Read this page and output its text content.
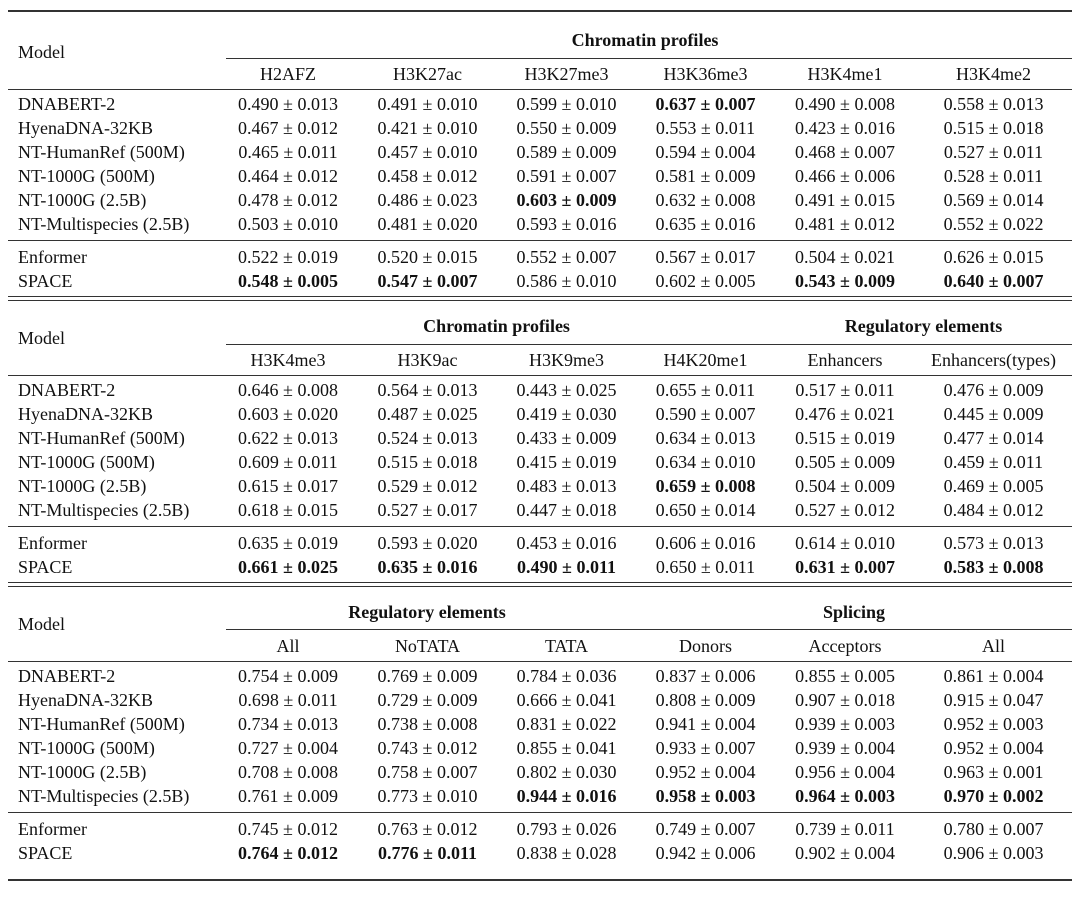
Model	Chromatin profiles					
	H2AFZ	H3K27ac	H3K27me3	H3K36me3	H3K4me1	H3K4me2

DNABERT-2	0.490 ± 0.013	0.491 ± 0.010	0.599 ± 0.010	0.637 ± 0.007	0.490 ± 0.008	0.558 ± 0.013
HyenaDNA-32KB	0.467 ± 0.012	0.421 ± 0.010	0.550 ± 0.009	0.553 ± 0.011	0.423 ± 0.016	0.515 ± 0.018
NT-HumanRef (500M)	0.465 ± 0.011	0.457 ± 0.010	0.589 ± 0.009	0.594 ± 0.004	0.468 ± 0.007	0.527 ± 0.011
NT-1000G (500M)	0.464 ± 0.012	0.458 ± 0.012	0.591 ± 0.007	0.581 ± 0.009	0.466 ± 0.006	0.528 ± 0.011
NT-1000G (2.5B)	0.478 ± 0.012	0.486 ± 0.023	0.603 ± 0.009	0.632 ± 0.008	0.491 ± 0.015	0.569 ± 0.014
NT-Multispecies (2.5B)	0.503 ± 0.010	0.481 ± 0.020	0.593 ± 0.016	0.635 ± 0.016	0.481 ± 0.012	0.552 ± 0.022

Enformer	0.522 ± 0.019	0.520 ± 0.015	0.552 ± 0.007	0.567 ± 0.017	0.504 ± 0.021	0.626 ± 0.015
SPACE	0.548 ± 0.005	0.547 ± 0.007	0.586 ± 0.010	0.602 ± 0.005	0.543 ± 0.009	0.640 ± 0.007
Model	Chromatin profiles				Regulatory elements	
	H3K4me3	H3K9ac	H3K9me3	H4K20me1	Enhancers	Enhancers(types)

DNABERT-2	0.646 ± 0.008	0.564 ± 0.013	0.443 ± 0.025	0.655 ± 0.011	0.517 ± 0.011	0.476 ± 0.009
HyenaDNA-32KB	0.603 ± 0.020	0.487 ± 0.025	0.419 ± 0.030	0.590 ± 0.007	0.476 ± 0.021	0.445 ± 0.009
NT-HumanRef (500M)	0.622 ± 0.013	0.524 ± 0.013	0.433 ± 0.009	0.634 ± 0.013	0.515 ± 0.019	0.477 ± 0.014
NT-1000G (500M)	0.609 ± 0.011	0.515 ± 0.018	0.415 ± 0.019	0.634 ± 0.010	0.505 ± 0.009	0.459 ± 0.011
NT-1000G (2.5B)	0.615 ± 0.017	0.529 ± 0.012	0.483 ± 0.013	0.659 ± 0.008	0.504 ± 0.009	0.469 ± 0.005
NT-Multispecies (2.5B)	0.618 ± 0.015	0.527 ± 0.017	0.447 ± 0.018	0.650 ± 0.014	0.527 ± 0.012	0.484 ± 0.012

Enformer	0.635 ± 0.019	0.593 ± 0.020	0.453 ± 0.016	0.606 ± 0.016	0.614 ± 0.010	0.573 ± 0.013
SPACE	0.661 ± 0.025	0.635 ± 0.016	0.490 ± 0.011	0.650 ± 0.011	0.631 ± 0.007	0.583 ± 0.008
Model	Regulatory elements			Splicing		
	All	NoTATA	TATA	Donors	Acceptors	All

DNABERT-2	0.754 ± 0.009	0.769 ± 0.009	0.784 ± 0.036	0.837 ± 0.006	0.855 ± 0.005	0.861 ± 0.004
HyenaDNA-32KB	0.698 ± 0.011	0.729 ± 0.009	0.666 ± 0.041	0.808 ± 0.009	0.907 ± 0.018	0.915 ± 0.047
NT-HumanRef (500M)	0.734 ± 0.013	0.738 ± 0.008	0.831 ± 0.022	0.941 ± 0.004	0.939 ± 0.003	0.952 ± 0.003
NT-1000G (500M)	0.727 ± 0.004	0.743 ± 0.012	0.855 ± 0.041	0.933 ± 0.007	0.939 ± 0.004	0.952 ± 0.004
NT-1000G (2.5B)	0.708 ± 0.008	0.758 ± 0.007	0.802 ± 0.030	0.952 ± 0.004	0.956 ± 0.004	0.963 ± 0.001
NT-Multispecies (2.5B)	0.761 ± 0.009	0.773 ± 0.010	0.944 ± 0.016	0.958 ± 0.003	0.964 ± 0.003	0.970 ± 0.002

Enformer	0.745 ± 0.012	0.763 ± 0.012	0.793 ± 0.026	0.749 ± 0.007	0.739 ± 0.011	0.780 ± 0.007
SPACE	0.764 ± 0.012	0.776 ± 0.011	0.838 ± 0.028	0.942 ± 0.006	0.902 ± 0.004	0.906 ± 0.003
